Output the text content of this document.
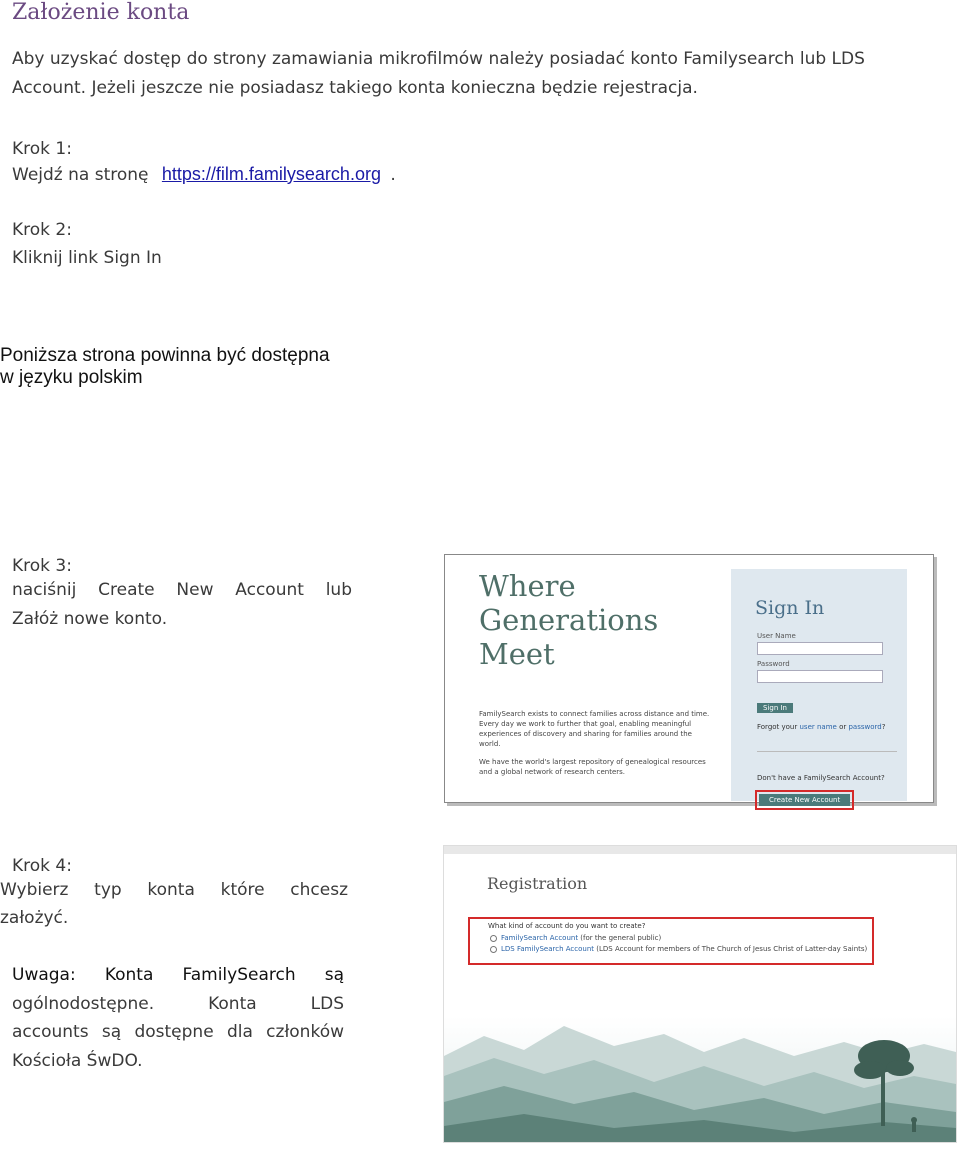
Założenie konta
Aby uzyskać dostęp do strony zamawiania mikrofilmów należy posiadać konto Familysearch lub LDS
Account. Jeżeli jeszcze nie posiadasz takiego konta konieczna będzie rejestracja.
Krok 1:
Wejdź na stronę https://film.familysearch.org .
Krok 2:
Kliknij link Sign In
Poniższa strona powinna być dostępna
w języku polskim
Krok 3:
naciśnij Create New Account lub
Załóż nowe konto.
Where
Generations
Meet

FamilySearch exists to connect families across distance and time. Every day we work to further that goal, enabling meaningful experiences of discovery and sharing for families around the world.

We have the world's largest repository of genealogical resources and a global network of research centers.

Sign In
User Name
Password
Sign In
Forgot your user name or password?
Don't have a FamilySearch Account?
Create New Account
Krok 4:
Wybierz typ konta które chcesz
założyć.
Uwaga: Konta FamilySearch są
ogólnodostępne. Konta LDS
accounts są dostępne dla członków
Kościoła ŚwDO.
Registration
What kind of account do you want to create?
FamilySearch Account (for the general public)
LDS FamilySearch Account (LDS Account for members of The Church of Jesus Christ of Latter-day Saints)
